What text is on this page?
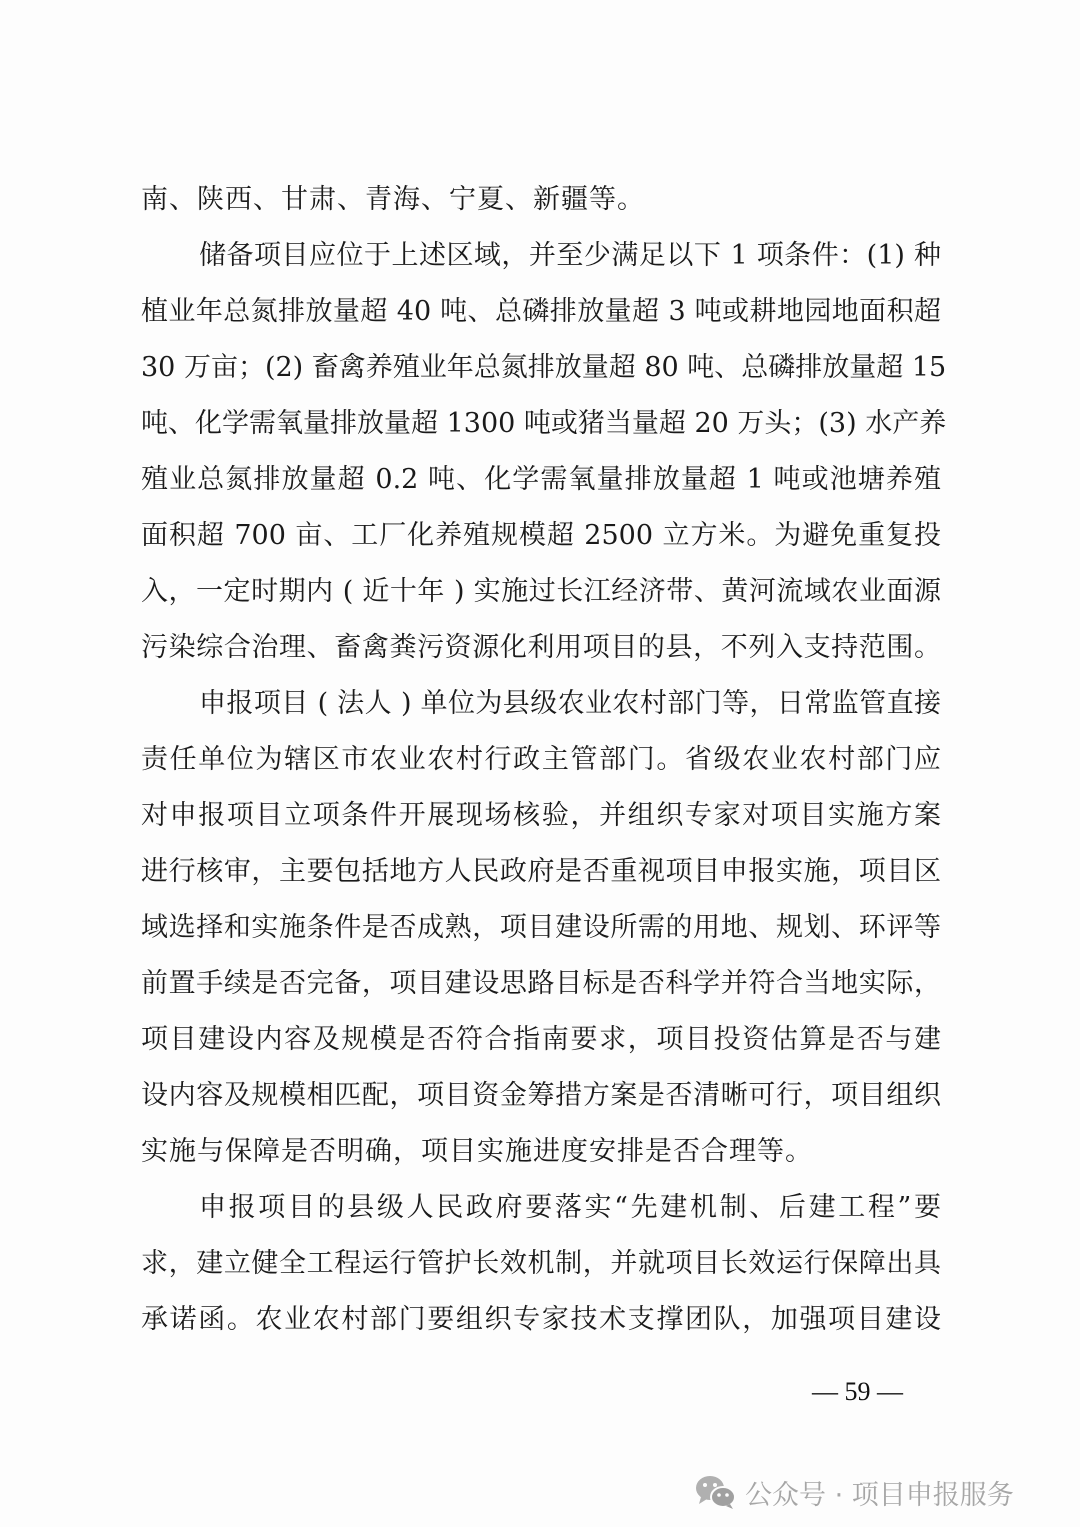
南、陕西、甘肃、青海、宁夏、新疆等。
储备项目应位于上述区域，并至少满足以下 1 项条件：(1) 种
植业年总氮排放量超 40 吨、总磷排放量超 3 吨或耕地园地面积超
30 万亩；(2) 畜禽养殖业年总氮排放量超 80 吨、总磷排放量超 15
吨、化学需氧量排放量超 1300 吨或猪当量超 20 万头；(3) 水产养
殖业总氮排放量超 0.2 吨、化学需氧量排放量超 1 吨或池塘养殖
面积超 700 亩、工厂化养殖规模超 2500 立方米。为避免重复投
入，一定时期内 ( 近十年 ) 实施过长江经济带、黄河流域农业面源
污染综合治理、畜禽粪污资源化利用项目的县，不列入支持范围。
申报项目 ( 法人 ) 单位为县级农业农村部门等，日常监管直接
责任单位为辖区市农业农村行政主管部门。省级农业农村部门应
对申报项目立项条件开展现场核验，并组织专家对项目实施方案
进行核审，主要包括地方人民政府是否重视项目申报实施，项目区
域选择和实施条件是否成熟，项目建设所需的用地、规划、环评等
前置手续是否完备，项目建设思路目标是否科学并符合当地实际，
项目建设内容及规模是否符合指南要求，项目投资估算是否与建
设内容及规模相匹配，项目资金筹措方案是否清晰可行，项目组织
实施与保障是否明确，项目实施进度安排是否合理等。
申报项目的县级人民政府要落实“先建机制、后建工程”要
求，建立健全工程运行管护长效机制，并就项目长效运行保障出具
承诺函。农业农村部门要组织专家技术支撑团队，加强项目建设
— 59 —
公众号 · 项目申报服务
